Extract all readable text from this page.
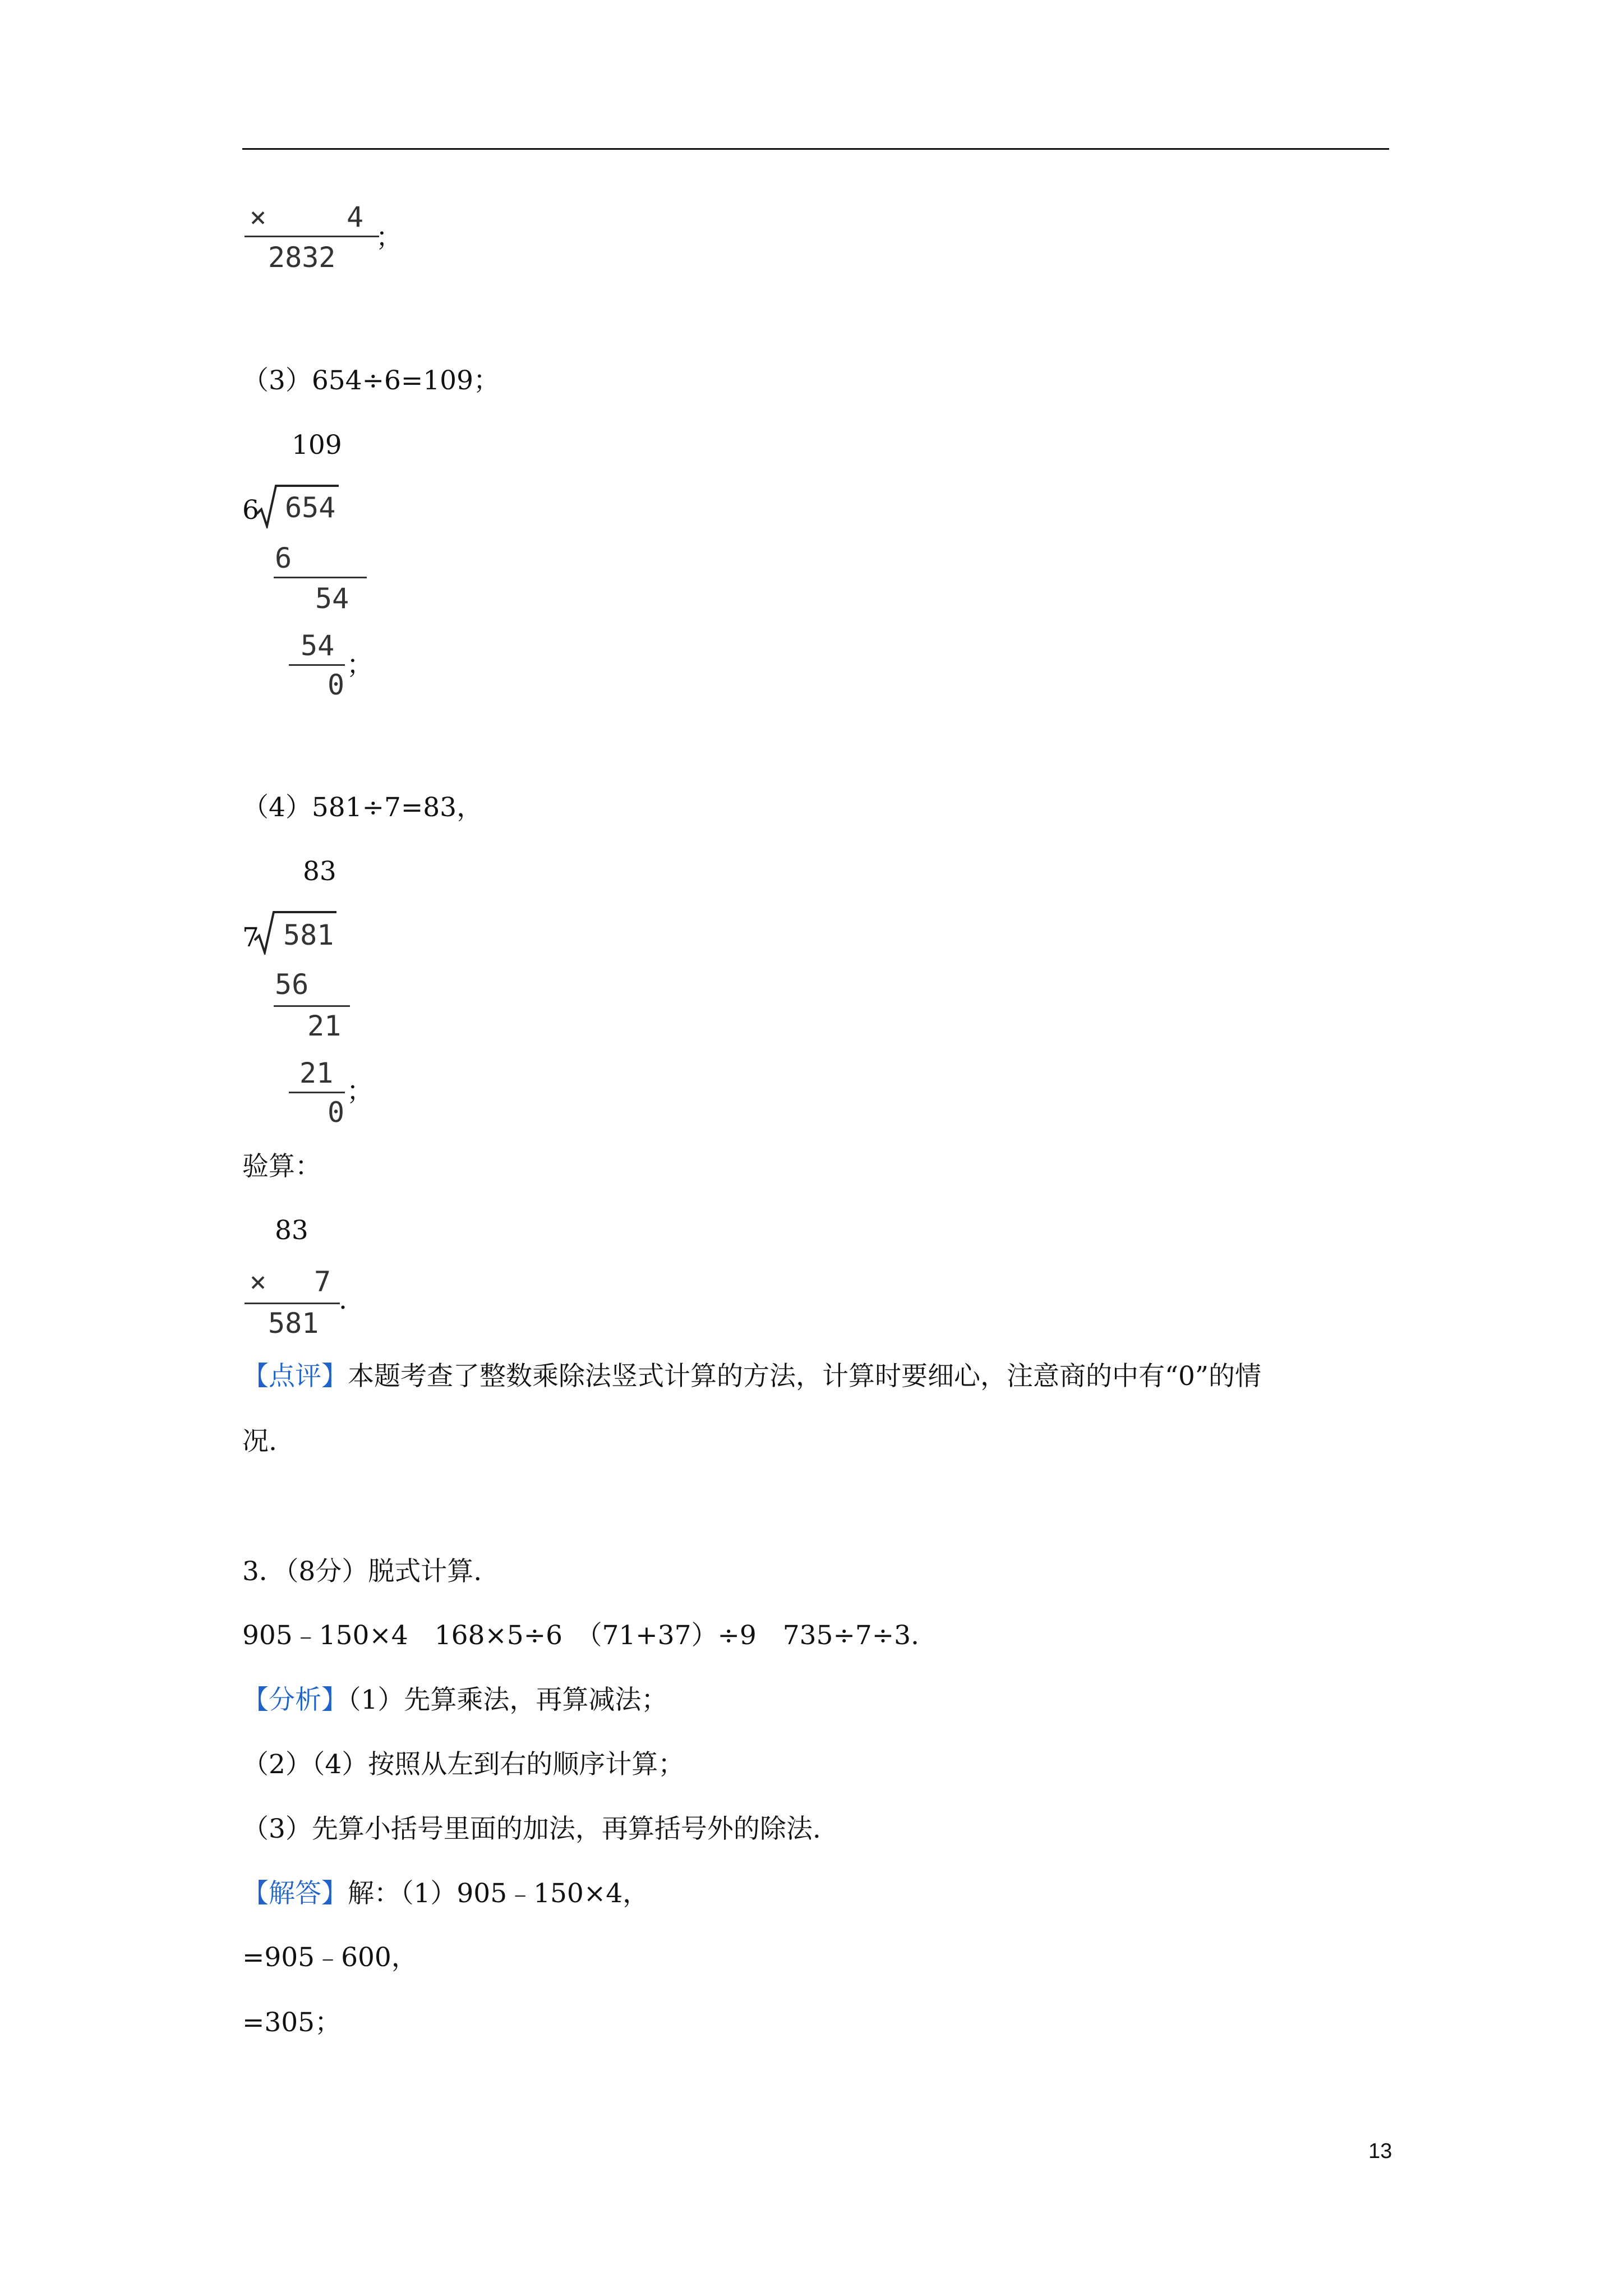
×	4
2832
；
（3）654÷6=109；
109
6 654
6
54
54
0
；
（4）581÷7=83，
83
7 581
56
21
21
0
；
验算：
83
× 7
581
.
【点评】本题考查了整数乘除法竖式计算的方法，计算时要细心，注意商的中有“0”的情
况.
3．（8分）脱式计算.
905﹣150×4　168×5÷6　（71+37）÷9　735÷7÷3.
【分析】（1）先算乘法，再算减法；
（2）（4）按照从左到右的顺序计算；
（3）先算小括号里面的加法，再算括号外的除法.
【解答】解：（1）905﹣150×4，
=905﹣600，
=305；
13
